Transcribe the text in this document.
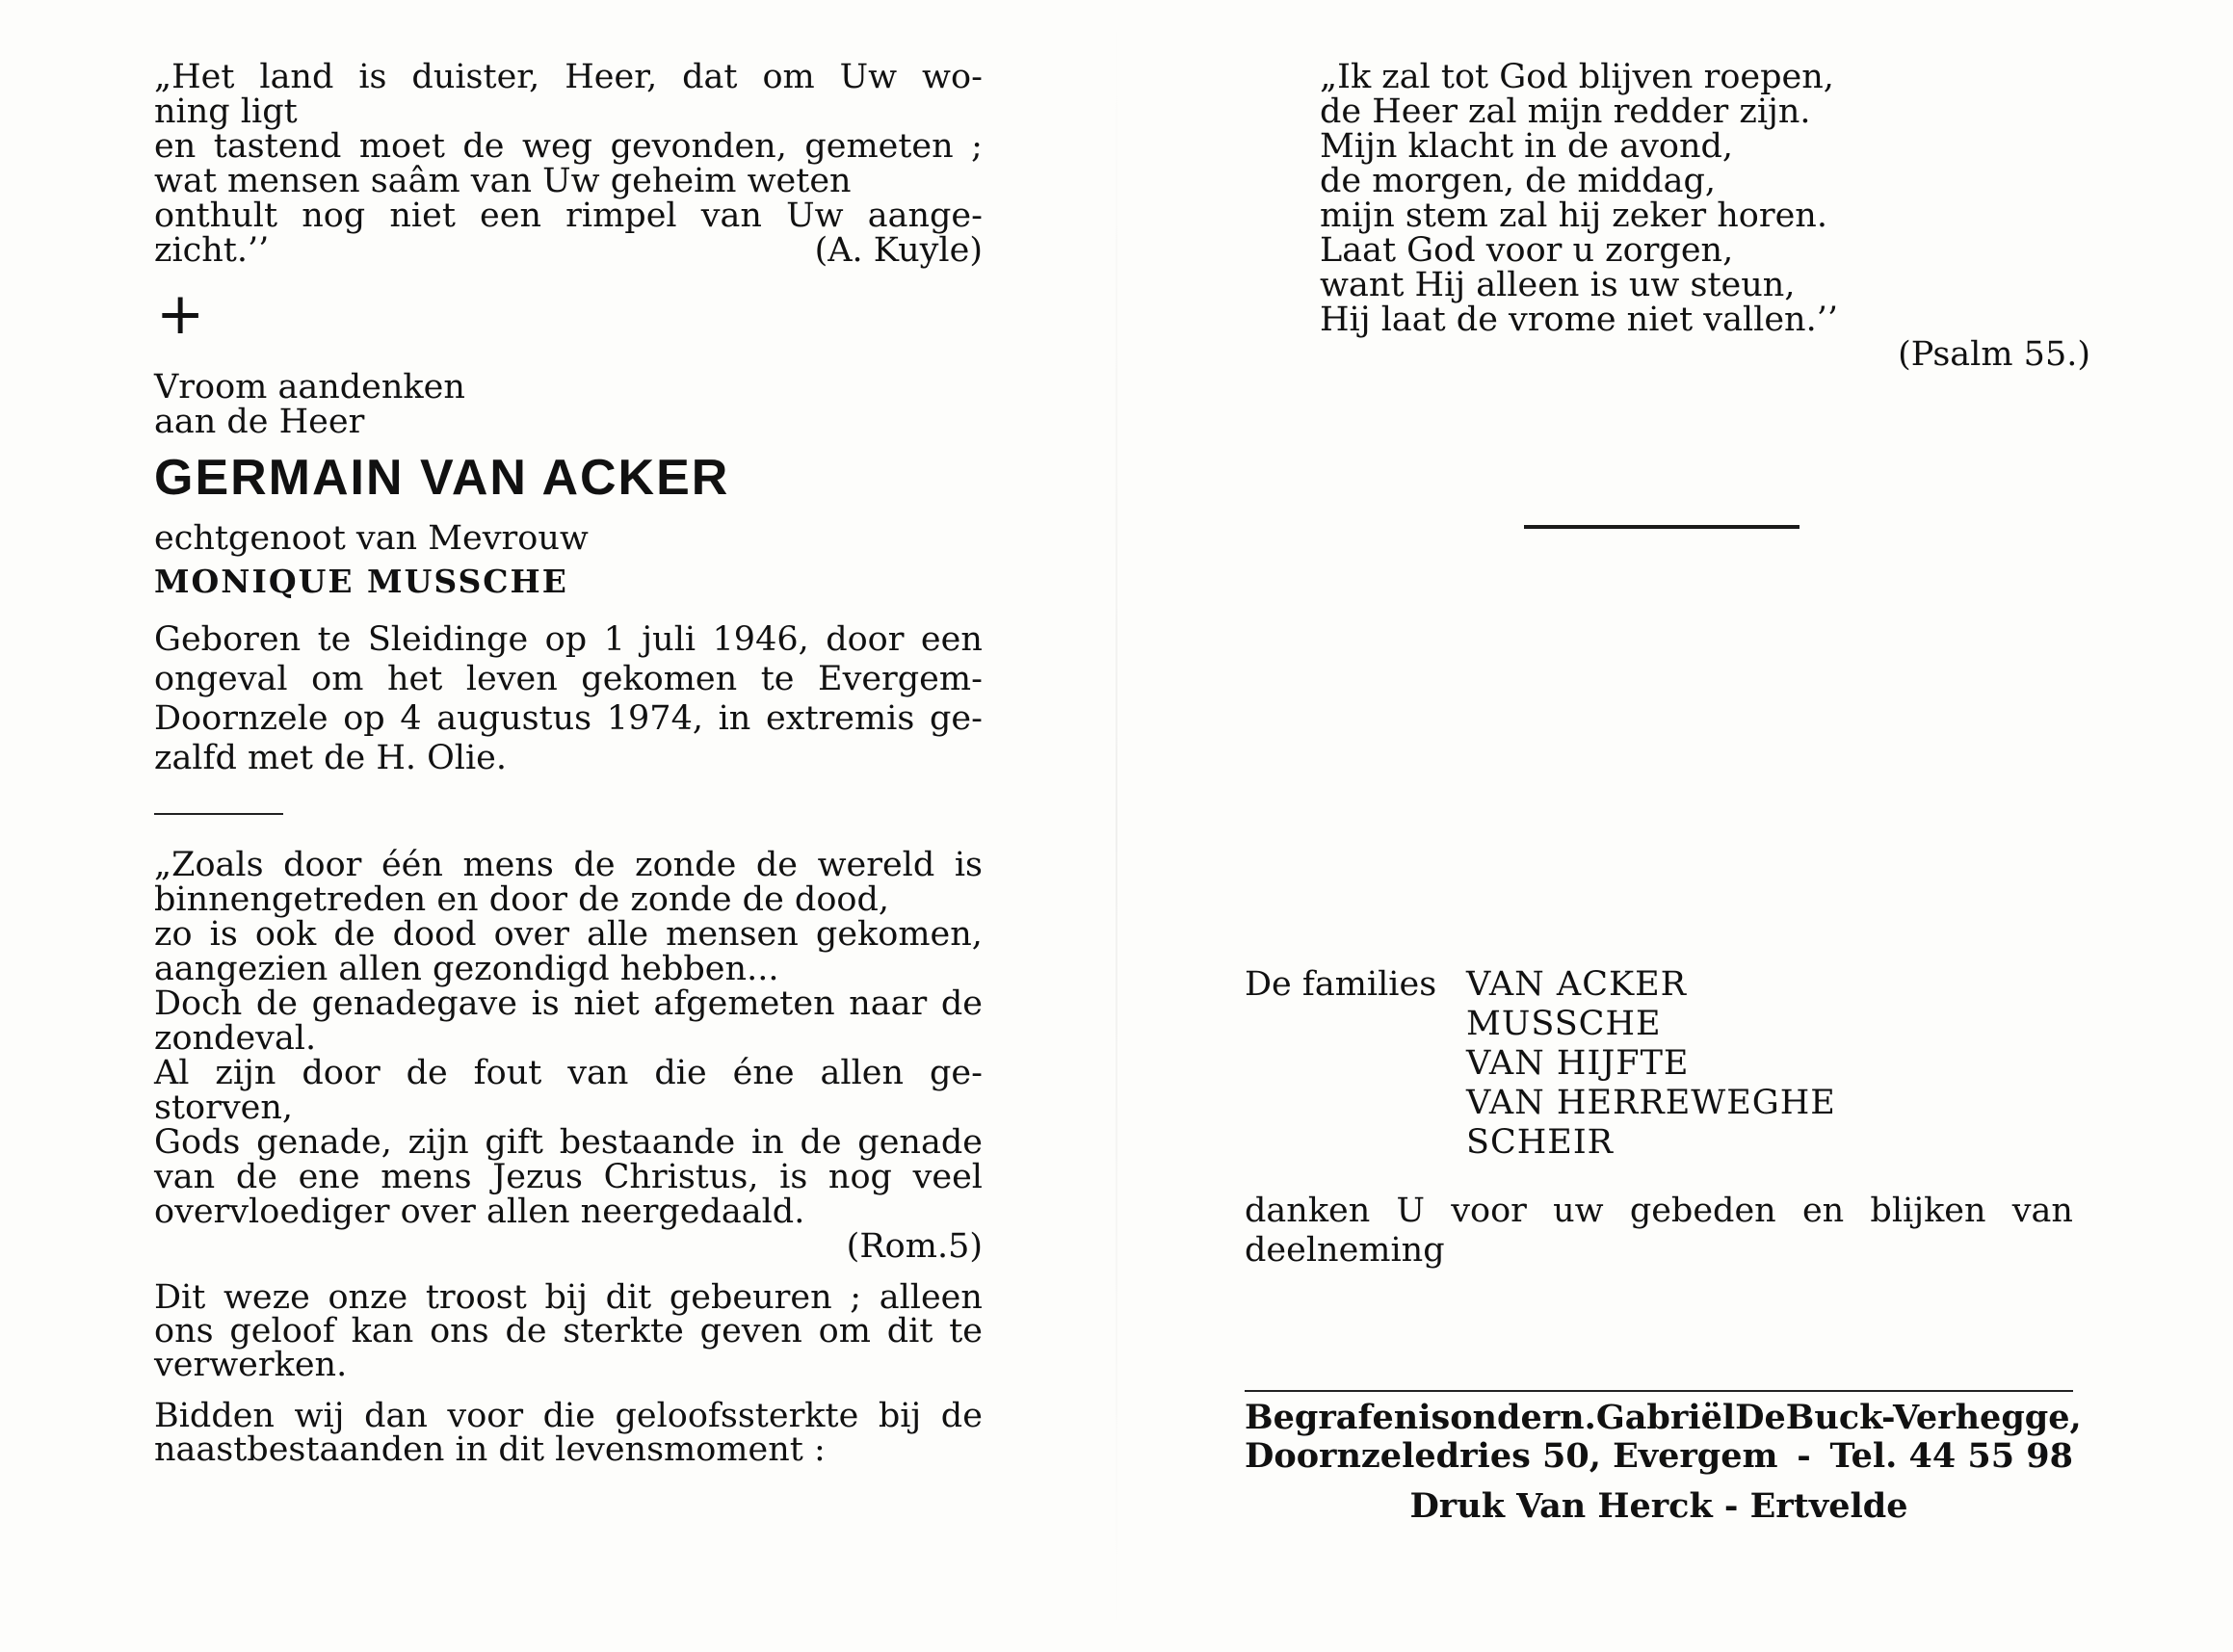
„Het land is duister, Heer, dat om Uw wo-
ning ligt
en tastend moet de weg gevonden, gemeten ;
wat mensen saâm van Uw geheim weten
onthult nog niet een rimpel van Uw aange-
zicht.’’	(A. Kuyle)
+
Vroom aandenken
aan de Heer
GERMAIN VAN ACKER
echtgenoot van Mevrouw
MONIQUE MUSSCHE
Geboren te Sleidinge op 1 juli 1946, door een
ongeval om het leven gekomen te Evergem-
Doornzele op 4 augustus 1974, in extremis ge-
zalfd met de H. Olie.
„Zoals door één mens de zonde de wereld is
binnengetreden en door de zonde de dood,
zo is ook de dood over alle mensen gekomen,
aangezien allen gezondigd hebben...
Doch de genadegave is niet afgemeten naar de
zondeval.
Al zijn door de fout van die éne allen ge-
storven,
Gods genade, zijn gift bestaande in de genade
van de ene mens Jezus Christus, is nog veel
overvloediger over allen neergedaald.
(Rom.5)
Dit weze onze troost bij dit gebeuren ; alleen
ons geloof kan ons de sterkte geven om dit te
verwerken.
Bidden wij dan voor die geloofssterkte bij de
naastbestaanden in dit levensmoment :
„Ik zal tot God blijven roepen,
de Heer zal mijn redder zijn.
Mijn klacht in de avond,
de morgen, de middag,
mijn stem zal hij zeker horen.
Laat God voor u zorgen,
want Hij alleen is uw steun,
Hij laat de vrome niet vallen.’’
(Psalm 55.)
De families VAN ACKER
MUSSCHE
VAN HIJFTE
VAN HERREWEGHE
SCHEIR
danken U voor uw gebeden en blijken van
deelneming
Begrafenisondern. Gabriël De Buck-Verhegge,
Doornzeledries 50, Evergem - Tel. 44 55 98
Druk Van Herck - Ertvelde
